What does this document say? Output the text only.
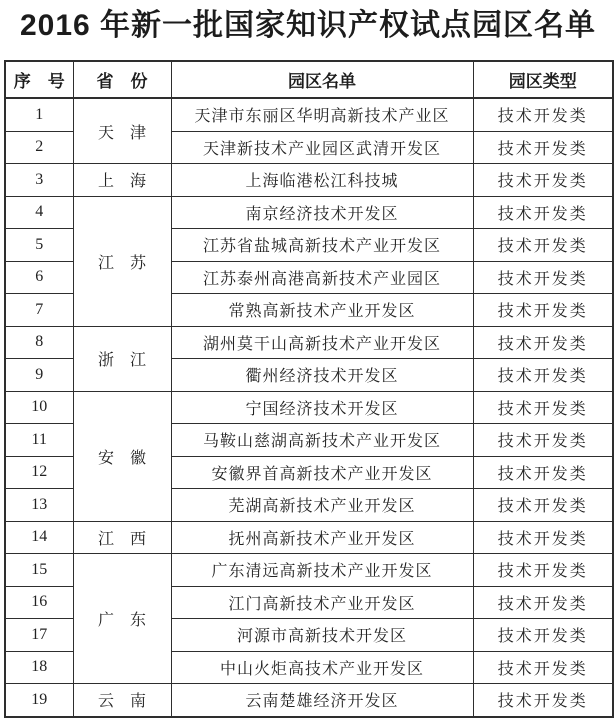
2016 年新一批国家知识产权试点园区名单
序　号	省　份	园区名单	园区类型
1	天　津	天津市东丽区华明高新技术产业区	技术开发类
2		天津新技术产业园区武清开发区	技术开发类
3	上　海	上海临港松江科技城	技术开发类
4	江　苏	南京经济技术开发区	技术开发类
5		江苏省盐城高新技术产业开发区	技术开发类
6		江苏泰州高港高新技术产业园区	技术开发类
7		常熟高新技术产业开发区	技术开发类
8	浙　江	湖州莫干山高新技术产业开发区	技术开发类
9		衢州经济技术开发区	技术开发类
10	安　徽	宁国经济技术开发区	技术开发类
11		马鞍山慈湖高新技术产业开发区	技术开发类
12		安徽界首高新技术产业开发区	技术开发类
13		芜湖高新技术产业开发区	技术开发类
14	江　西	抚州高新技术产业开发区	技术开发类
15	广　东	广东清远高新技术产业开发区	技术开发类
16		江门高新技术产业开发区	技术开发类
17		河源市高新技术开发区	技术开发类
18		中山火炬高技术产业开发区	技术开发类
19	云　南	云南楚雄经济开发区	技术开发类
